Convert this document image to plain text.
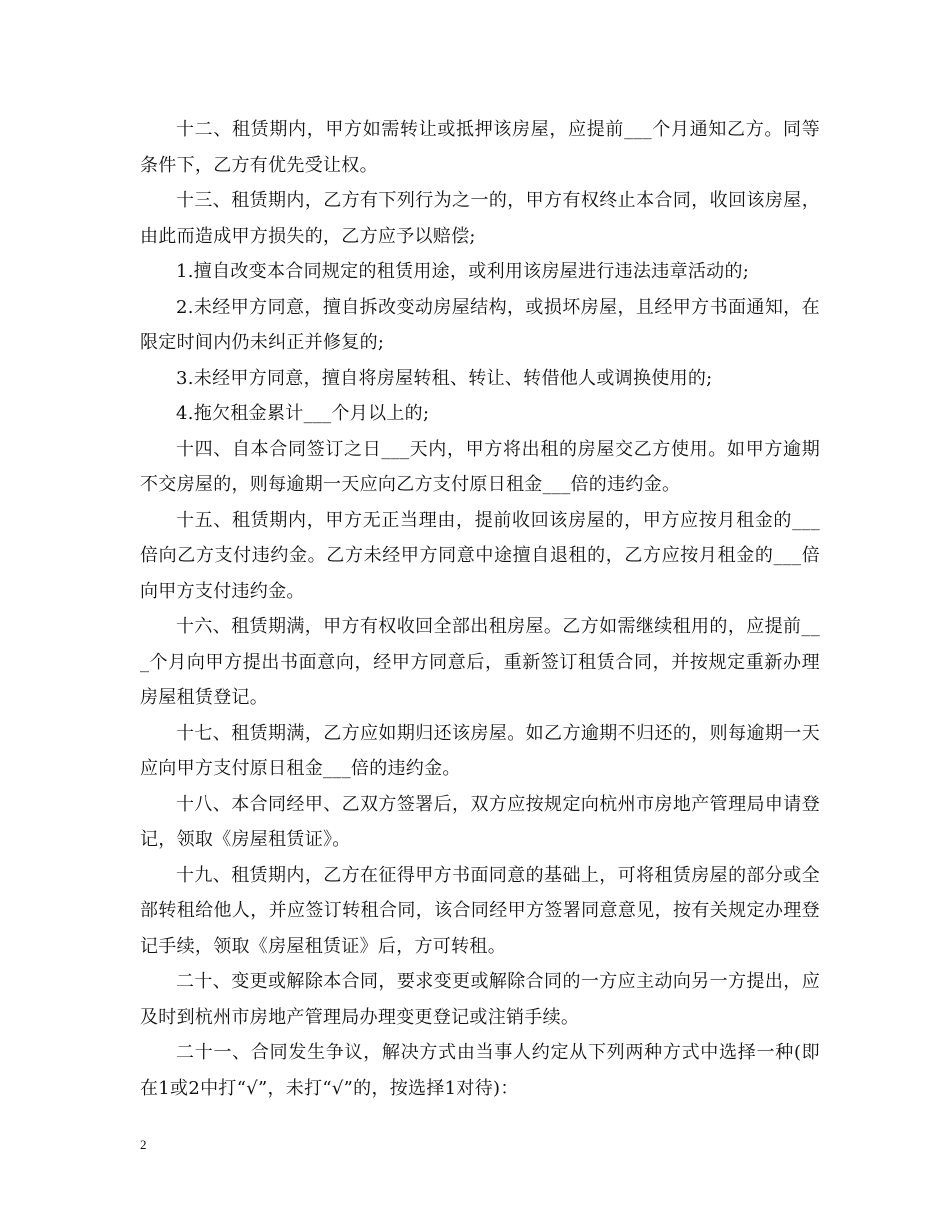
十二、租赁期内，甲方如需转让或抵押该房屋，应提前___个月通知乙方。同等条件下，乙方有优先受让权。

十三、租赁期内，乙方有下列行为之一的，甲方有权终止本合同，收回该房屋，由此而造成甲方损失的，乙方应予以赔偿;

1.擅自改变本合同规定的租赁用途，或利用该房屋进行违法违章活动的;

2.未经甲方同意，擅自拆改变动房屋结构，或损坏房屋，且经甲方书面通知，在限定时间内仍未纠正并修复的;

3.未经甲方同意，擅自将房屋转租、转让、转借他人或调换使用的;

4.拖欠租金累计___个月以上的;

十四、自本合同签订之日___天内，甲方将出租的房屋交乙方使用。如甲方逾期不交房屋的，则每逾期一天应向乙方支付原日租金___倍的违约金。

十五、租赁期内，甲方无正当理由，提前收回该房屋的，甲方应按月租金的___倍向乙方支付违约金。乙方未经甲方同意中途擅自退租的，乙方应按月租金的___倍向甲方支付违约金。

十六、租赁期满，甲方有权收回全部出租房屋。乙方如需继续租用的，应提前___个月向甲方提出书面意向，经甲方同意后，重新签订租赁合同，并按规定重新办理房屋租赁登记。

十七、租赁期满，乙方应如期归还该房屋。如乙方逾期不归还的，则每逾期一天应向甲方支付原日租金___倍的违约金。

十八、本合同经甲、乙双方签署后，双方应按规定向杭州市房地产管理局申请登记，领取《房屋租赁证》。

十九、租赁期内，乙方在征得甲方书面同意的基础上，可将租赁房屋的部分或全部转租给他人，并应签订转租合同，该合同经甲方签署同意意见，按有关规定办理登记手续，领取《房屋租赁证》后，方可转租。

二十、变更或解除本合同，要求变更或解除合同的一方应主动向另一方提出，应及时到杭州市房地产管理局办理变更登记或注销手续。

二十一、合同发生争议，解决方式由当事人约定从下列两种方式中选择一种(即在1或2中打“√”，未打“√”的，按选择1对待)：

2
